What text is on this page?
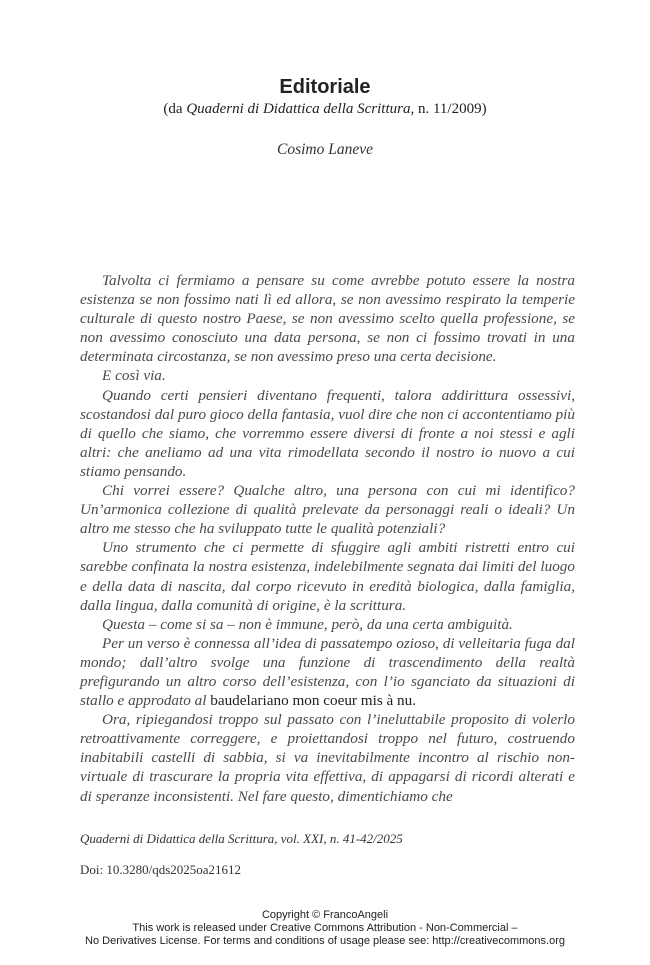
Editoriale
(da Quaderni di Didattica della Scrittura, n. 11/2009)
Cosimo Laneve

Talvolta ci fermiamo a pensare su come avrebbe potuto essere la nostra esistenza se non fossimo nati lì ed allora, se non avessimo respirato la temperie culturale di questo nostro Paese, se non avessimo scelto quella professione, se non avessimo conosciuto una data persona, se non ci fossimo trovati in una determinata circostanza, se non avessimo preso una certa decisione.

E così via.

Quando certi pensieri diventano frequenti, talora addirittura ossessivi, scostandosi dal puro gioco della fantasia, vuol dire che non ci accontentiamo più di quello che siamo, che vorremmo essere diversi di fronte a noi stessi e agli altri: che aneliamo ad una vita rimodellata secondo il nostro io nuovo a cui stiamo pensando.

Chi vorrei essere? Qualche altro, una persona con cui mi identifico? Un’armonica collezione di qualità prelevate da personaggi reali o ideali? Un altro me stesso che ha sviluppato tutte le qualità potenziali?

Uno strumento che ci permette di sfuggire agli ambiti ristretti entro cui sarebbe confinata la nostra esistenza, indelebilmente segnata dai limiti del luogo e della data di nascita, dal corpo ricevuto in eredità biologica, dalla famiglia, dalla lingua, dalla comunità di origine, è la scrittura.

Questa – come si sa – non è immune, però, da una certa ambiguità.

Per un verso è connessa all’idea di passatempo ozioso, di velleitaria fuga dal mondo; dall’altro svolge una funzione di trascendimento della realtà prefigurando un altro corso dell’esistenza, con l’io sganciato da situazioni di stallo e approdato al baudelariano mon coeur mis à nu.

Ora, ripiegandosi troppo sul passato con l’ineluttabile proposito di volerlo retroattivamente correggere, e proiettandosi troppo nel futuro, costruendo inabitabili castelli di sabbia, si va inevitabilmente incontro al rischio non-virtuale di trascurare la propria vita effettiva, di appagarsi di ricordi alterati e di speranze inconsistenti. Nel fare questo, dimentichiamo che

Quaderni di Didattica della Scrittura, vol. XXI, n. 41-42/2025
Doi: 10.3280/qds2025oa21612
Copyright © FrancoAngeli
This work is released under Creative Commons Attribution - Non-Commercial –
No Derivatives License. For terms and conditions of usage please see: http://creativecommons.org
